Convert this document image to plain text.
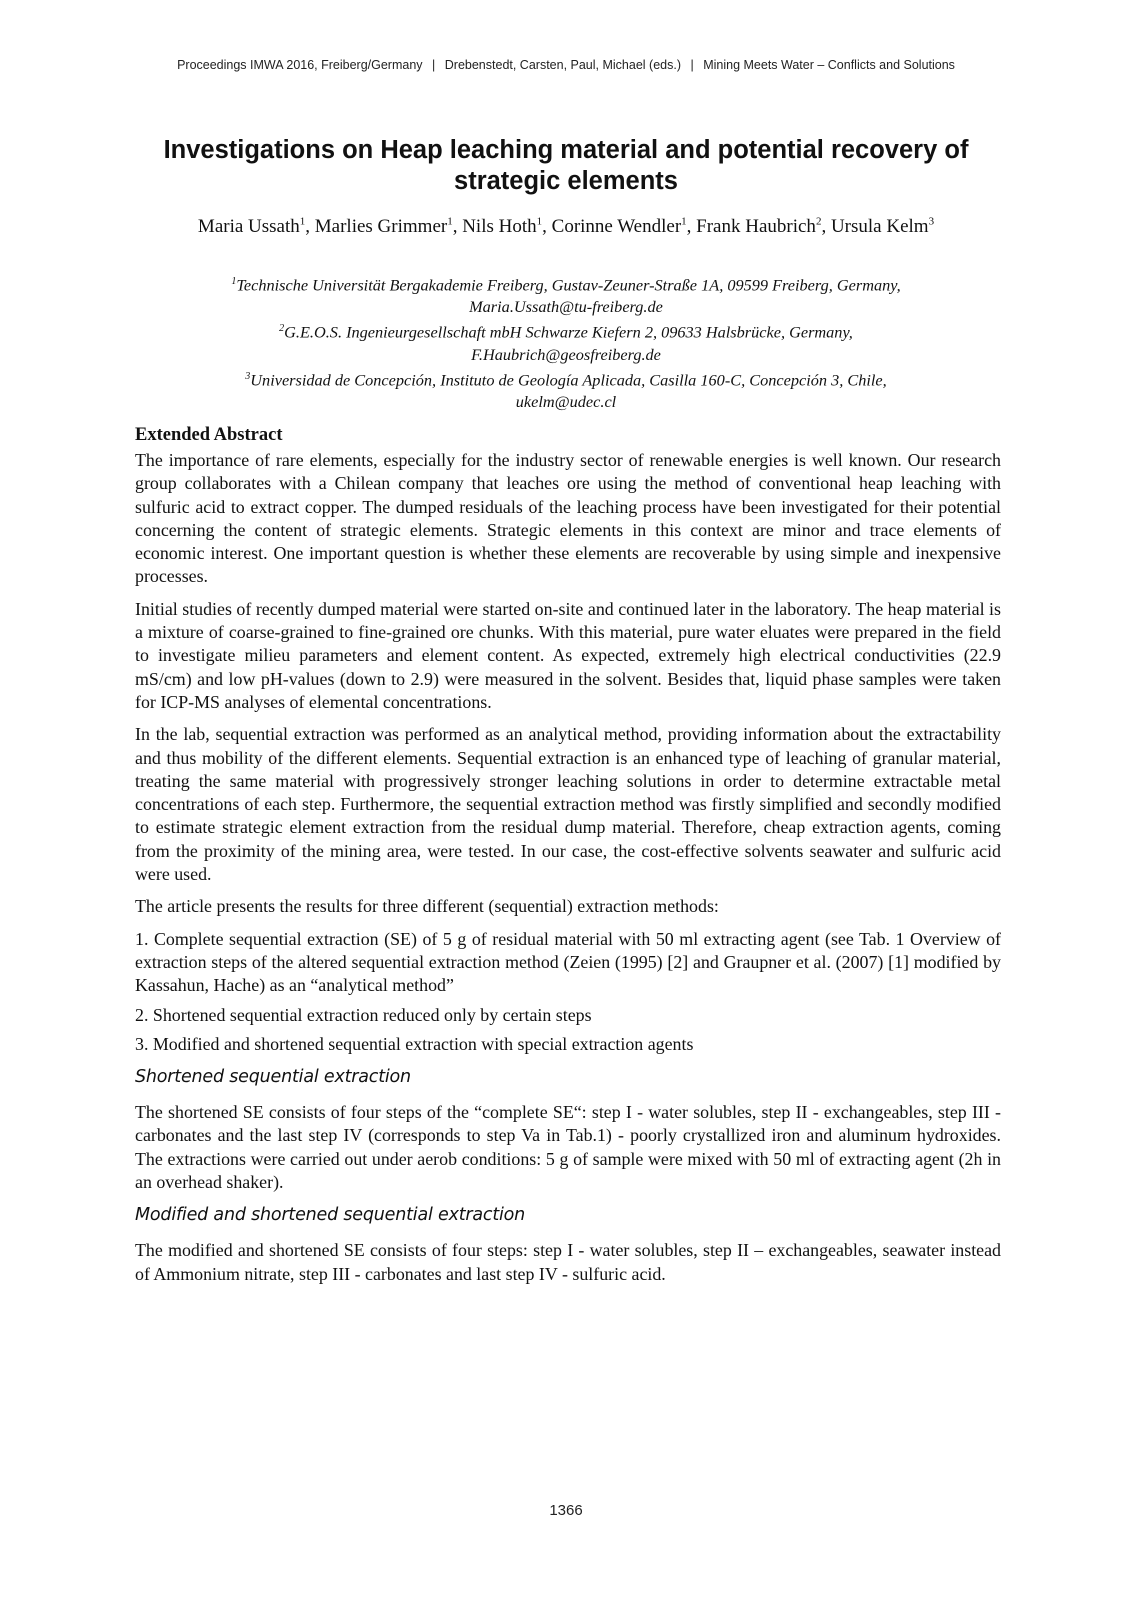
Proceedings IMWA 2016, Freiberg/Germany | Drebenstedt, Carsten, Paul, Michael (eds.) | Mining Meets Water – Conflicts and Solutions
Investigations on Heap leaching material and potential recovery of strategic elements
Maria Ussath$^1$, Marlies Grimmer$^1$, Nils Hoth$^1$, Corinne Wendler$^1$, Frank Haubrich$^2$, Ursula Kelm$^3$
$^1$Technische Universität Bergakademie Freiberg, Gustav-Zeuner-Straße 1A, 09599 Freiberg, Germany,
Maria.Ussath@tu-freiberg.de
$^2$G.E.O.S. Ingenieurgesellschaft mbH Schwarze Kiefern 2, 09633 Halsbrücke, Germany,
F.Haubrich@geosfreiberg.de
$^3$Universidad de Concepción, Instituto de Geología Aplicada, Casilla 160-C, Concepción 3, Chile,
ukelm@udec.cl
Extended Abstract

The importance of rare elements, especially for the industry sector of renewable energies is well known. Our research group collaborates with a Chilean company that leaches ore using the method of conventional heap leaching with sulfuric acid to extract copper. The dumped residuals of the leaching process have been investigated for their potential concerning the content of strategic elements. Strategic elements in this context are minor and trace elements of economic interest. One important question is whether these elements are recoverable by using simple and inexpensive processes.

Initial studies of recently dumped material were started on-site and continued later in the laboratory. The heap material is a mixture of coarse-grained to fine-grained ore chunks. With this material, pure water eluates were prepared in the field to investigate milieu parameters and element content. As expected, extremely high electrical conductivities (22.9 mS/cm) and low pH-values (down to 2.9) were measured in the solvent. Besides that, liquid phase samples were taken for ICP-MS analyses of elemental concentrations.

In the lab, sequential extraction was performed as an analytical method, providing information about the extractability and thus mobility of the different elements. Sequential extraction is an enhanced type of leaching of granular material, treating the same material with progressively stronger leaching solutions in order to determine extractable metal concentrations of each step. Furthermore, the sequential extraction method was firstly simplified and secondly modified to estimate strategic element extraction from the residual dump material. Therefore, cheap extraction agents, coming from the proximity of the mining area, were tested. In our case, the cost-effective solvents seawater and sulfuric acid were used.

The article presents the results for three different (sequential) extraction methods:

1. Complete sequential extraction (SE) of 5 g of residual material with 50 ml extracting agent (see Tab. 1 Overview of extraction steps of the altered sequential extraction method (Zeien (1995) [2] and Graupner et al. (2007) [1] modified by Kassahun, Hache) as an “analytical method”

2. Shortened sequential extraction reduced only by certain steps

3. Modified and shortened sequential extraction with special extraction agents

Shortened sequential extraction

The shortened SE consists of four steps of the “complete SE“: step I - water solubles, step II - exchangeables, step III - carbonates and the last step IV (corresponds to step Va in Tab.1) - poorly crystallized iron and aluminum hydroxides. The extractions were carried out under aerob conditions: 5 g of sample were mixed with 50 ml of extracting agent (2h in an overhead shaker).

Modified and shortened sequential extraction

The modified and shortened SE consists of four steps: step I - water solubles, step II – exchangeables, seawater instead of Ammonium nitrate, step III - carbonates and last step IV - sulfuric acid.

1366
